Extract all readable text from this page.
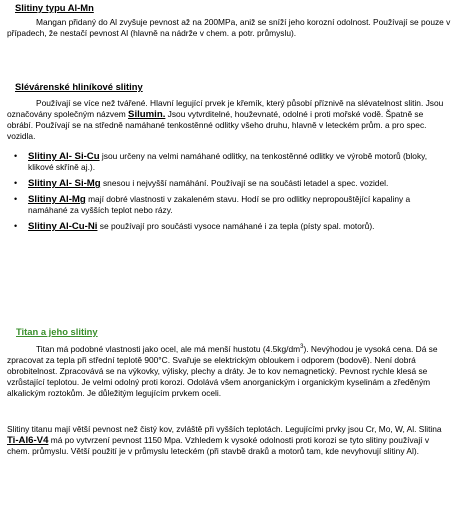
Slitiny typu Al-Mn

Mangan přidaný do Al zvyšuje pevnost až na 200MPa, aniž se sníží jeho korozní odolnost. Používají se pouze v případech, že nestačí pevnost Al (hlavně na nádrže v chem. a potr. průmyslu).

Slévárenské hliníkové slitiny

Používají se více než tvářené. Hlavní legující prvek je křemík, který působí příznivě na slévatelnost slitin. Jsou označovány společným názvem Silumin. Jsou vytvrditelné, houževnaté, odolné i proti mořské vodě. Špatně se obrábí. Používají se na středně namáhané tenkostěnné odlitky všeho druhu, hlavně v leteckém prům. a pro spec. vozidla.

• Slitiny Al- Si-Cu jsou určeny na velmi namáhané odlitky, na tenkostěnné odlitky ve výrobě motorů (bloky, klikové skříně aj.).
• Slitiny Al- Si-Mg snesou i nejvyšší namáhání. Používají se na součásti letadel a spec. vozidel.
• Slitiny Al-Mg mají dobré vlastnosti v zakaleném stavu. Hodí se pro odlitky nepropouštějící kapaliny a namáhané za vyšších teplot nebo rázy.
• Slitiny Al-Cu-Ni se používají pro součásti vysoce namáhané i za tepla (písty spal. motorů).
Titan a jeho slitiny

Titan má podobné vlastnosti jako ocel, ale má menší hustotu $(4.5kg/dm^3)$. Nevýhodou je vysoká cena. Dá se zpracovat za tepla při střední teplotě 900°C. Svařuje se elektrickým obloukem i odporem (bodově). Není dobrá obrobitelnost. Zpracovává se na výkovky, výlisky, plechy a dráty. Je to kov nemagnetický. Pevnost rychle klesá se vzrůstající teplotou. Je velmi odolný proti korozi. Odolává všem anorganickým i organickým kyselinám a zředěným alkalickým roztokům. Je důležitým legujícím prvkem oceli.

Slitiny titanu mají větší pevnost než čistý kov, zvláště při vyšších teplotách. Legujícími prvky jsou Cr, Mo, W, Al. Slitina Ti-Al6-V4 má po vytvrzení pevnost 1150 Mpa. Vzhledem k vysoké odolnosti proti korozi se tyto slitiny používají v chem. průmyslu. Větší použití je v průmyslu leteckém (při stavbě draků a motorů tam, kde nevyhovují slitiny Al).
